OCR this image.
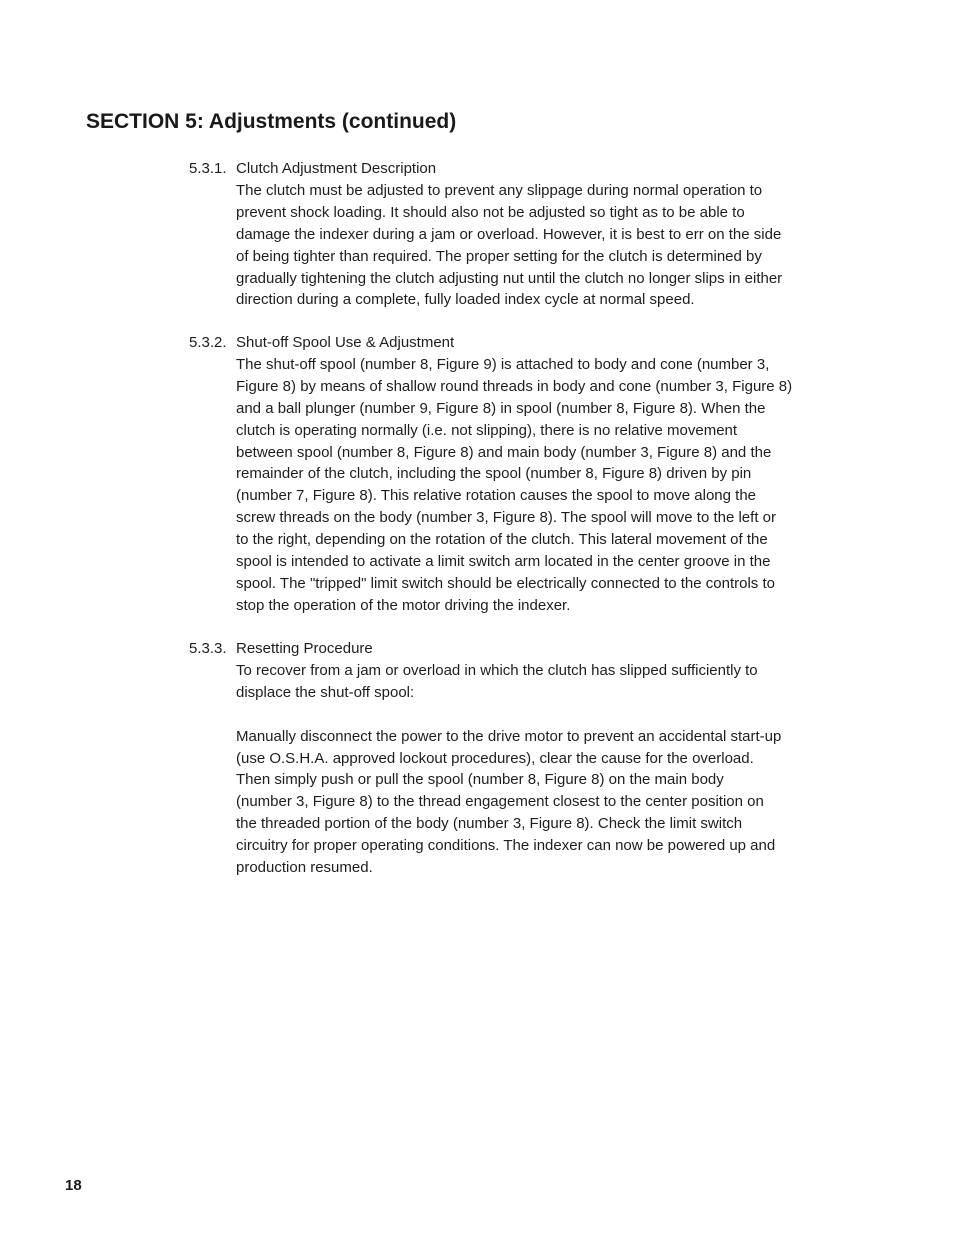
SECTION 5: Adjustments (continued)
5.3.1. Clutch Adjustment Description

The clutch must be adjusted to prevent any slippage during normal operation to
prevent shock loading. It should also not be adjusted so tight as to be able to
damage the indexer during a jam or overload. However, it is best to err on the side
of being tighter than required. The proper setting for the clutch is determined by
gradually tightening the clutch adjusting nut until the clutch no longer slips in either
direction during a complete, fully loaded index cycle at normal speed.

5.3.2. Shut-off Spool Use & Adjustment

The shut-off spool (number 8, Figure 9) is attached to body and cone (number 3,
Figure 8) by means of shallow round threads in body and cone (number 3, Figure 8)
and a ball plunger (number 9, Figure 8) in spool (number 8, Figure 8). When the
clutch is operating normally (i.e. not slipping), there is no relative movement
between spool (number 8, Figure 8) and main body (number 3, Figure 8) and the
remainder of the clutch, including the spool (number 8, Figure 8) driven by pin
(number 7, Figure 8). This relative rotation causes the spool to move along the
screw threads on the body (number 3, Figure 8). The spool will move to the left or
to the right, depending on the rotation of the clutch. This lateral movement of the
spool is intended to activate a limit switch arm located in the center groove in the
spool. The "tripped" limit switch should be electrically connected to the controls to
stop the operation of the motor driving the indexer.

5.3.3. Resetting Procedure

To recover from a jam or overload in which the clutch has slipped sufficiently to
displace the shut-off spool:

Manually disconnect the power to the drive motor to prevent an accidental start-up
(use O.S.H.A. approved lockout procedures), clear the cause for the overload.
Then simply push or pull the spool (number 8, Figure 8) on the main body
(number 3, Figure 8) to the thread engagement closest to the center position on
the threaded portion of the body (number 3, Figure 8). Check the limit switch
circuitry for proper operating conditions. The indexer can now be powered up and
production resumed.

18
